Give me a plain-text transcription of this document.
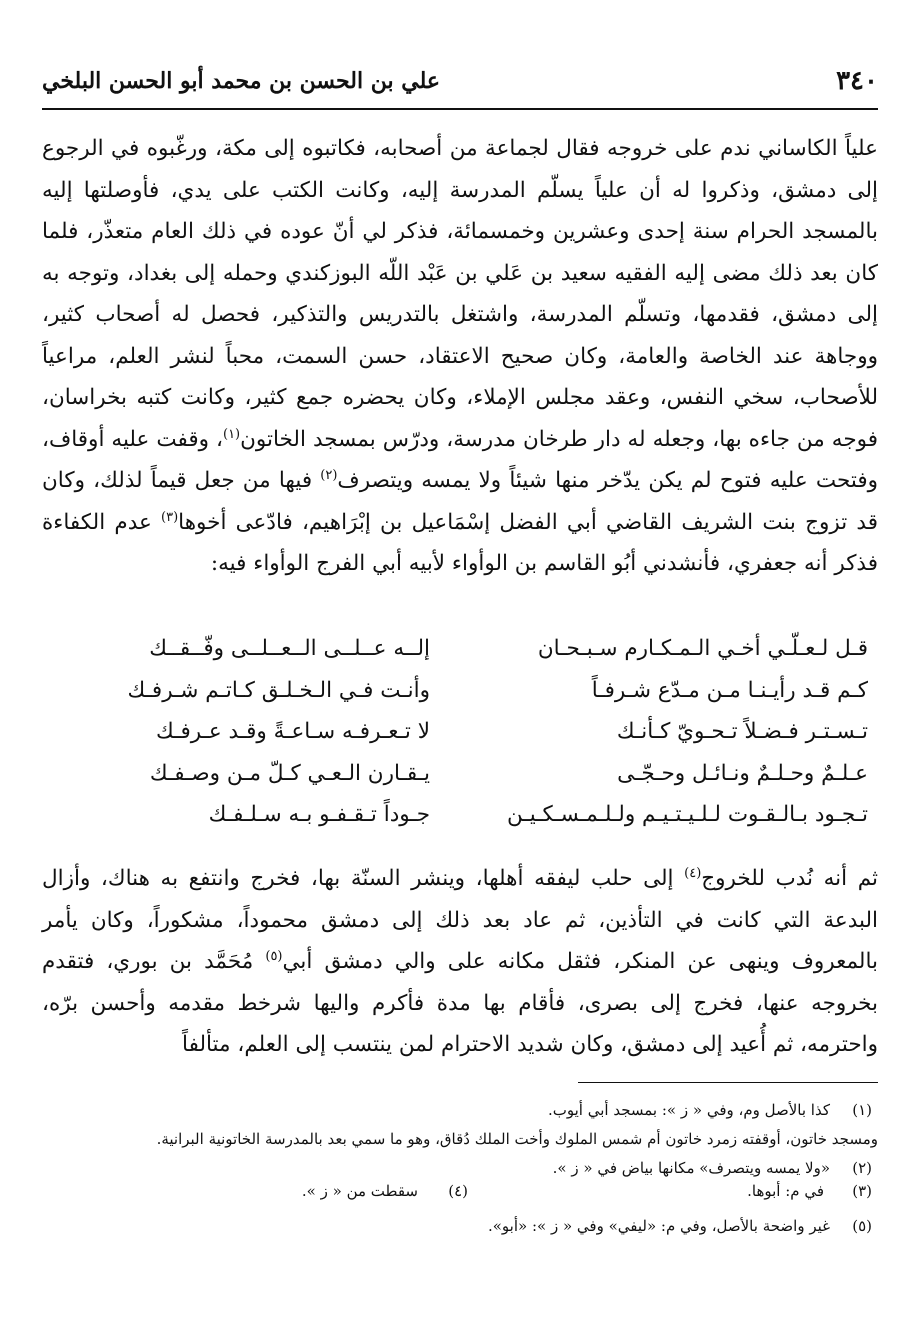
٣٤٠
علي بن الحسن بن محمد أبو الحسن البلخي

علياً الكاساني ندم على خروجه فقال لجماعة من أصحابه، فكاتبوه إلى مكة، ورغّبوه في الرجوع إلى دمشق، وذكروا له أن علياً يسلّم المدرسة إليه، وكانت الكتب على يدي، فأوصلتها إليه بالمسجد الحرام سنة إحدى وعشرين وخمسمائة، فذكر لي أنّ عوده في ذلك العام متعذّر، فلما كان بعد ذلك مضى إليه الفقيه سعيد بن عَلي بن عَبْد اللّه البوزكندي وحمله إلى بغداد، وتوجه به إلى دمشق، فقدمها، وتسلّم المدرسة، واشتغل بالتدريس والتذكير، فحصل له أصحاب كثير، ووجاهة عند الخاصة والعامة، وكان صحيح الاعتقاد، حسن السمت، محباً لنشر العلم، مراعياً للأصحاب، سخي النفس، وعقد مجلس الإملاء، وكان يحضره جمع كثير، وكانت كتبه بخراسان، فوجه من جاءه بها، وجعله له دار طرخان مدرسة، ودرّس بمسجد الخاتون$^{(١)}$، وقفت عليه أوقاف، وفتحت عليه فتوح لم يكن يدّخر منها شيئاً ولا يمسه ويتصرف$^{(٢)}$ فيها من جعل قيماً لذلك، وكان قد تزوج بنت الشريف القاضي أبي الفضل إسْمَاعيل بن إبْرَاهيم، فادّعى أخوها$^{(٣)}$ عدم الكفاءة فذكر أنه جعفري، فأنشدني أبُو القاسم بن الوأواء لأبيه أبي الفرج الوأواء فيه:

قـل لـعـلّـي أخـي الـمـكـارم سـبـحـان
إلــه عــلــى الــعــلــى وفّــقــك
كـم قـد رأيـنـا مـن مـدّع شـرفـاً
وأنـت فـي الـخـلـق كـاتـم شـرفـك
تـسـتـر فـضـلاً تـحـويّ كـأنـك
لا تـعـرفـه سـاعـةً وقـد عـرفـك
عـلـمٌ وحـلـمٌ ونـائـل وحـجّـى
يـقـارن الـعـي كـلّ مـن وصـفـك
تـجـود بـالـقـوت لـلـيـتـيـم ولـلـمـسـكـيـن
جـوداً تـقـفـو بـه سـلـفـك

ثم أنه نُدب للخروج$^{(٤)}$ إلى حلب ليفقه أهلها، وينشر السنّة بها، فخرج وانتفع به هناك، وأزال البدعة التي كانت في التأذين، ثم عاد بعد ذلك إلى دمشق محموداً، مشكوراً، وكان يأمر بالمعروف وينهى عن المنكر، فثقل مكانه على والي دمشق أبي$^{(٥)}$ مُحَمَّد بن بوري، فتقدم بخروجه عنها، فخرج إلى بصرى، فأقام بها مدة فأكرم واليها شرخط مقدمه وأحسن برّه، واحترمه، ثم أُعيد إلى دمشق، وكان شديد الاحترام لمن ينتسب إلى العلم، متألفاً

(١)
كذا بالأصل وم، وفي « ز »: بمسجد أبي أيوب.
ومسجد خاتون، أوقفته زمرد خاتون أم شمس الملوك وأخت الملك دُقاق، وهو ما سمي بعد بالمدرسة الخاتونية البرانية.
(٢)
«ولا يمسه ويتصرف» مكانها بياض في « ز ».
(٣)
في م: أبوها.
(٤)
سقطت من « ز ».
(٥)
غير واضحة بالأصل، وفي م: «ليفي» وفي « ز »: «أبو».
